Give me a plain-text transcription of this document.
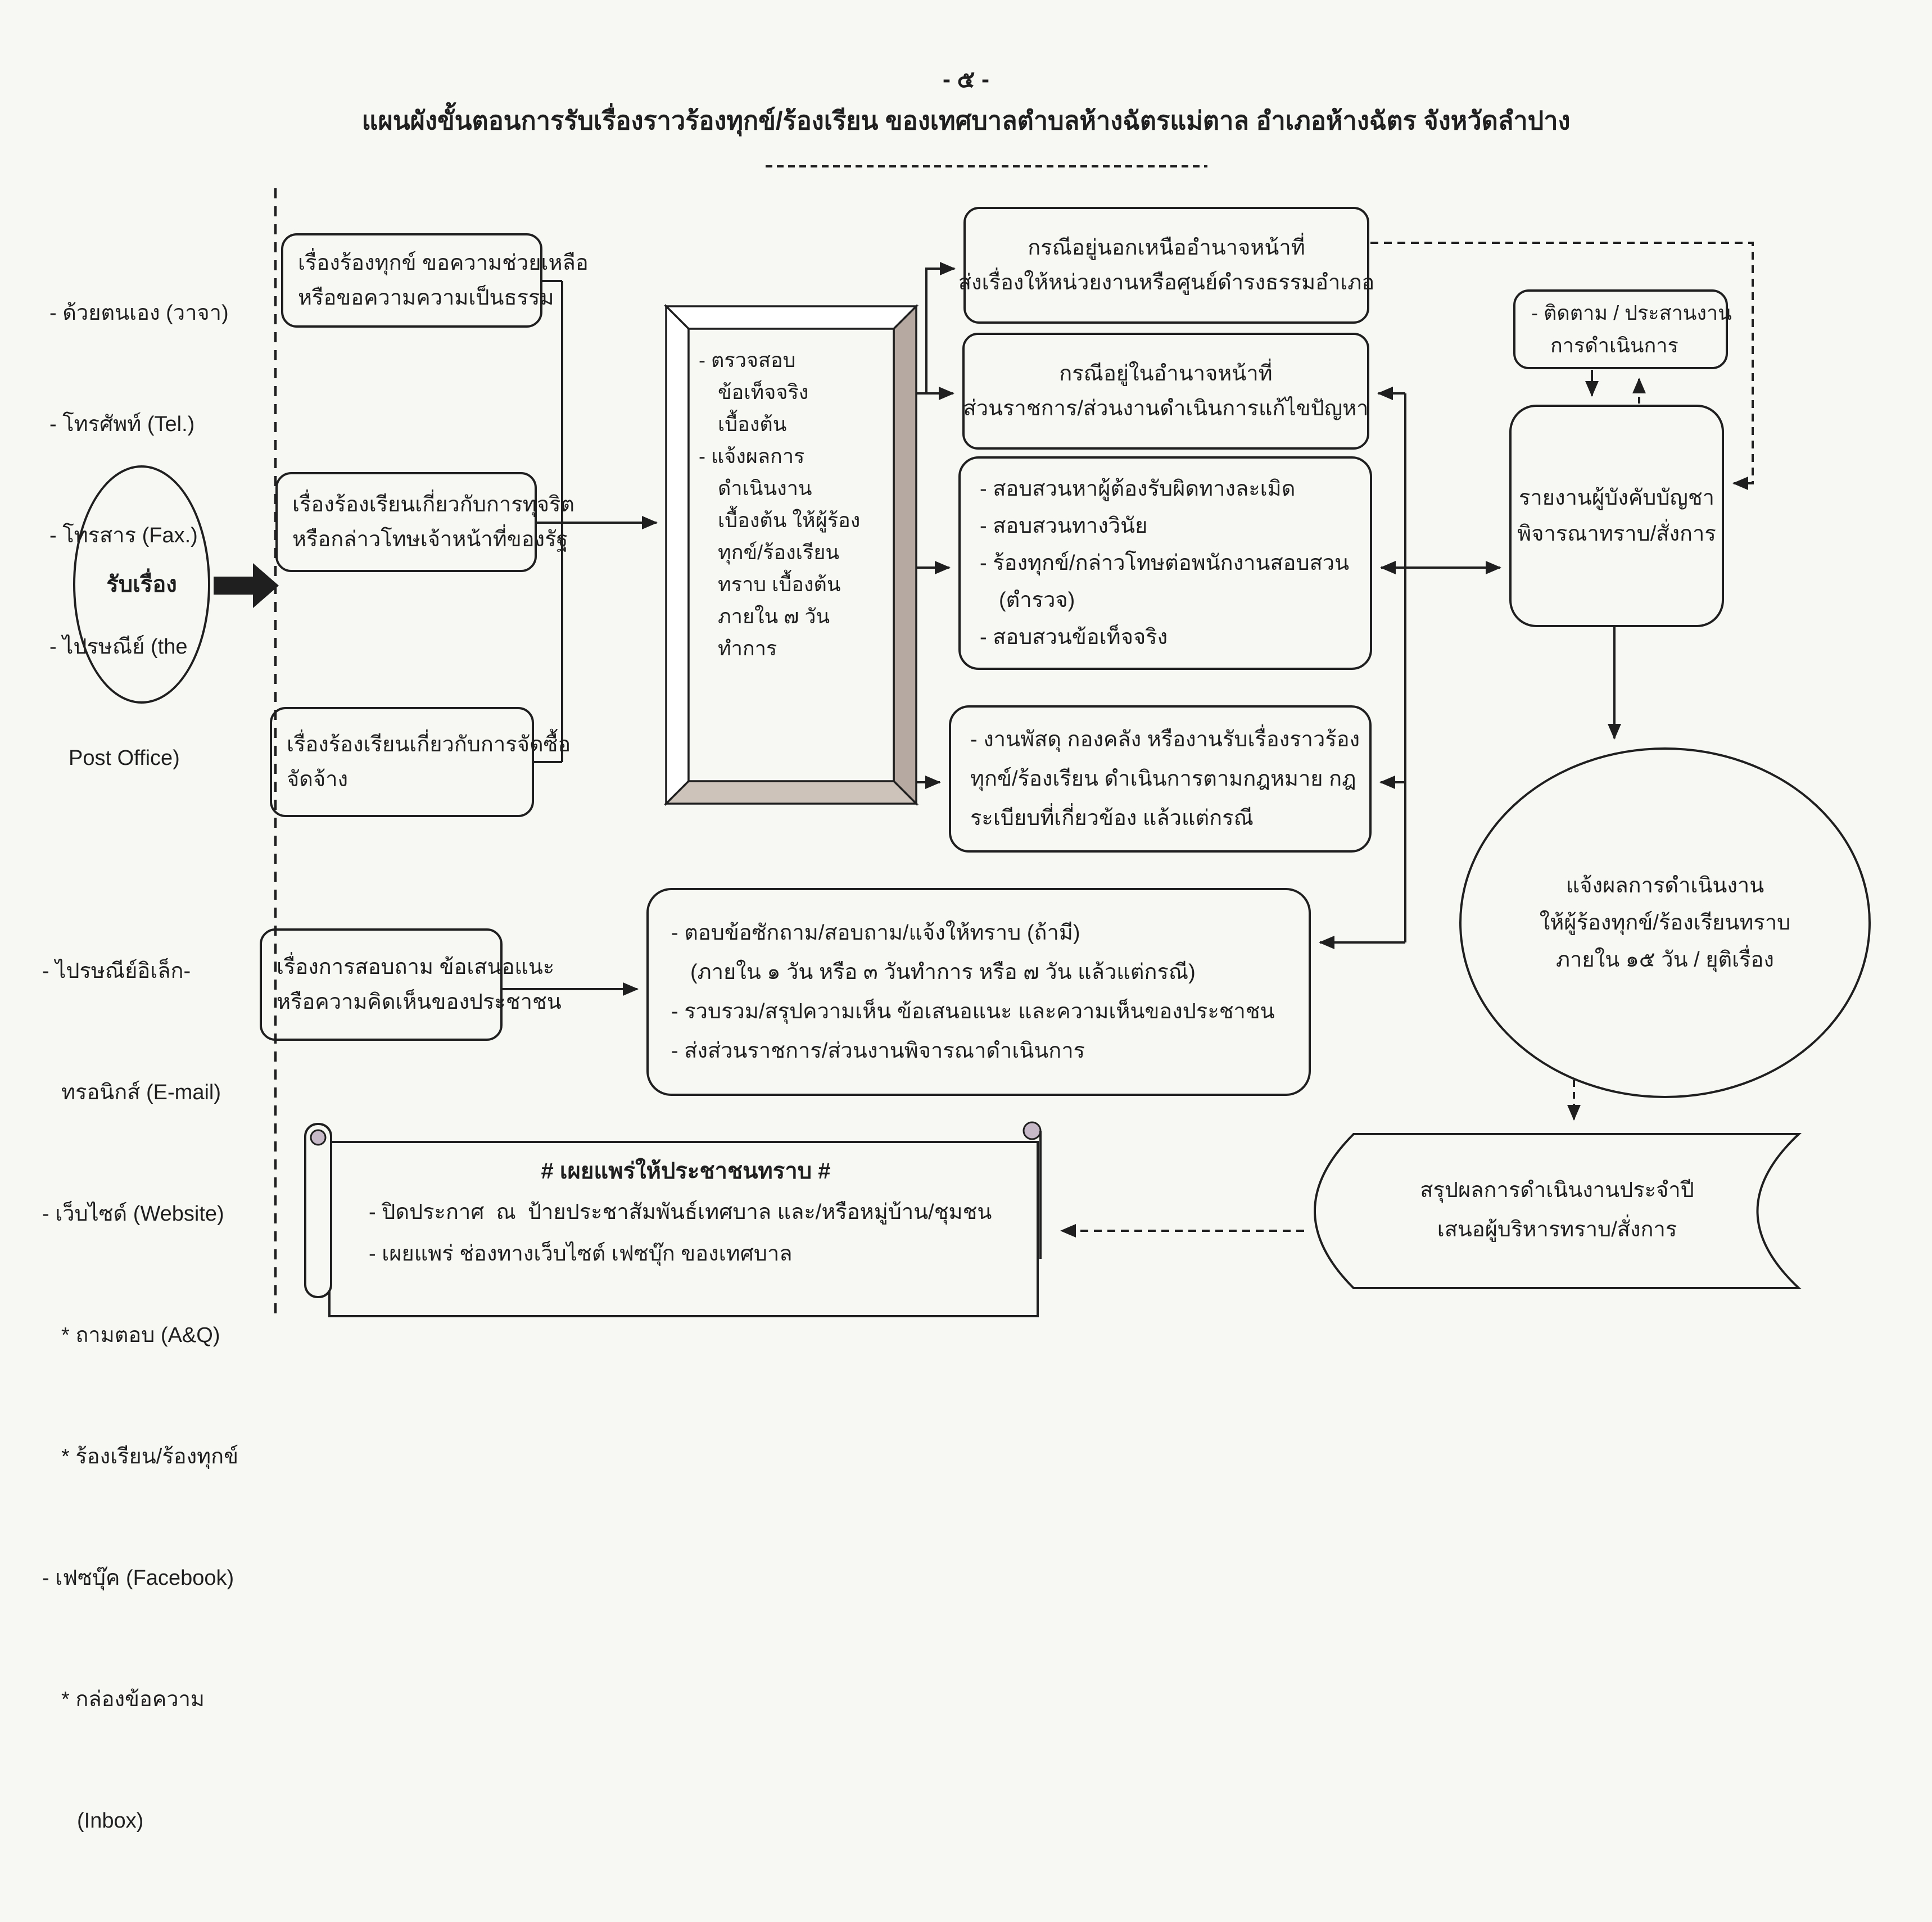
- ๕ -
แผนผังขั้นตอนการรับเรื่องราวร้องทุกข์/ร้องเรียน ของเทศบาลตำบลห้างฉัตรแม่ตาล อำเภอห้างฉัตร จังหวัดลำปาง

- ด้วยตนเอง (วาจา)

- โทรศัพท์ (Tel.)

- โทรสาร (Fax.)

- ไปรษณีย์ (the

Post Office)

- ไปรษณีย์อิเล็ก-

ทรอนิกส์ (E-mail)

- เว็บไซด์ (Website)

* ถามตอบ (A&Q)

* ร้องเรียน/ร้องทุกข์

- เฟซบุ๊ค (Facebook)

* กล่องข้อความ

(Inbox)

รับเรื่อง
เรื่องร้องทุกข์ ขอความช่วยเหลือ
หรือขอความความเป็นธรรม
เรื่องร้องเรียนเกี่ยวกับการทุจริต
หรือกล่าวโทษเจ้าหน้าที่ของรัฐ
เรื่องร้องเรียนเกี่ยวกับการจัดซื้อ
จัดจ้าง
เรื่องการสอบถาม ข้อเสนอแนะ
หรือความคิดเห็นของประชาชน
- ตรวจสอบ
ข้อเท็จจริง
เบื้องต้น
- แจ้งผลการ
ดำเนินงาน
เบื้องต้น ให้ผู้ร้อง
ทุกข์/ร้องเรียน
ทราบ เบื้องต้น
ภายใน ๗ วัน
ทำการ
กรณีอยู่นอกเหนืออำนาจหน้าที่
ส่งเรื่องให้หน่วยงานหรือศูนย์ดำรงธรรมอำเภอ
กรณีอยู่ในอำนาจหน้าที่
ส่วนราชการ/ส่วนงานดำเนินการแก้ไขปัญหา
- สอบสวนหาผู้ต้องรับผิดทางละเมิด
- สอบสวนทางวินัย
- ร้องทุกข์/กล่าวโทษต่อพนักงานสอบสวน
(ตำรวจ)
- สอบสวนข้อเท็จจริง
- งานพัสดุ กองคลัง หรืองานรับเรื่องราวร้อง
ทุกข์/ร้องเรียน ดำเนินการตามกฎหมาย กฎ
ระเบียบที่เกี่ยวข้อง แล้วแต่กรณี
- ตอบข้อซักถาม/สอบถาม/แจ้งให้ทราบ (ถ้ามี)
(ภายใน ๑ วัน หรือ ๓ วันทำการ หรือ ๗ วัน แล้วแต่กรณี)
- รวบรวม/สรุปความเห็น ข้อเสนอแนะ และความเห็นของประชาชน
- ส่งส่วนราชการ/ส่วนงานพิจารณาดำเนินการ
- ติดตาม / ประสานงาน
การดำเนินการ
รายงานผู้บังคับบัญชา
พิจารณาทราบ/สั่งการ
แจ้งผลการดำเนินงาน
ให้ผู้ร้องทุกข์/ร้องเรียนทราบ
ภายใน ๑๕ วัน / ยุติเรื่อง
สรุปผลการดำเนินงานประจำปี
เสนอผู้บริหารทราบ/สั่งการ
# เผยแพร่ให้ประชาชนทราบ #
- ปิดประกาศ  ณ  ป้ายประชาสัมพันธ์เทศบาล และ/หรือหมู่บ้าน/ชุมชน
- เผยแพร่ ช่องทางเว็บไซต์ เฟซบุ๊ก ของเทศบาล
